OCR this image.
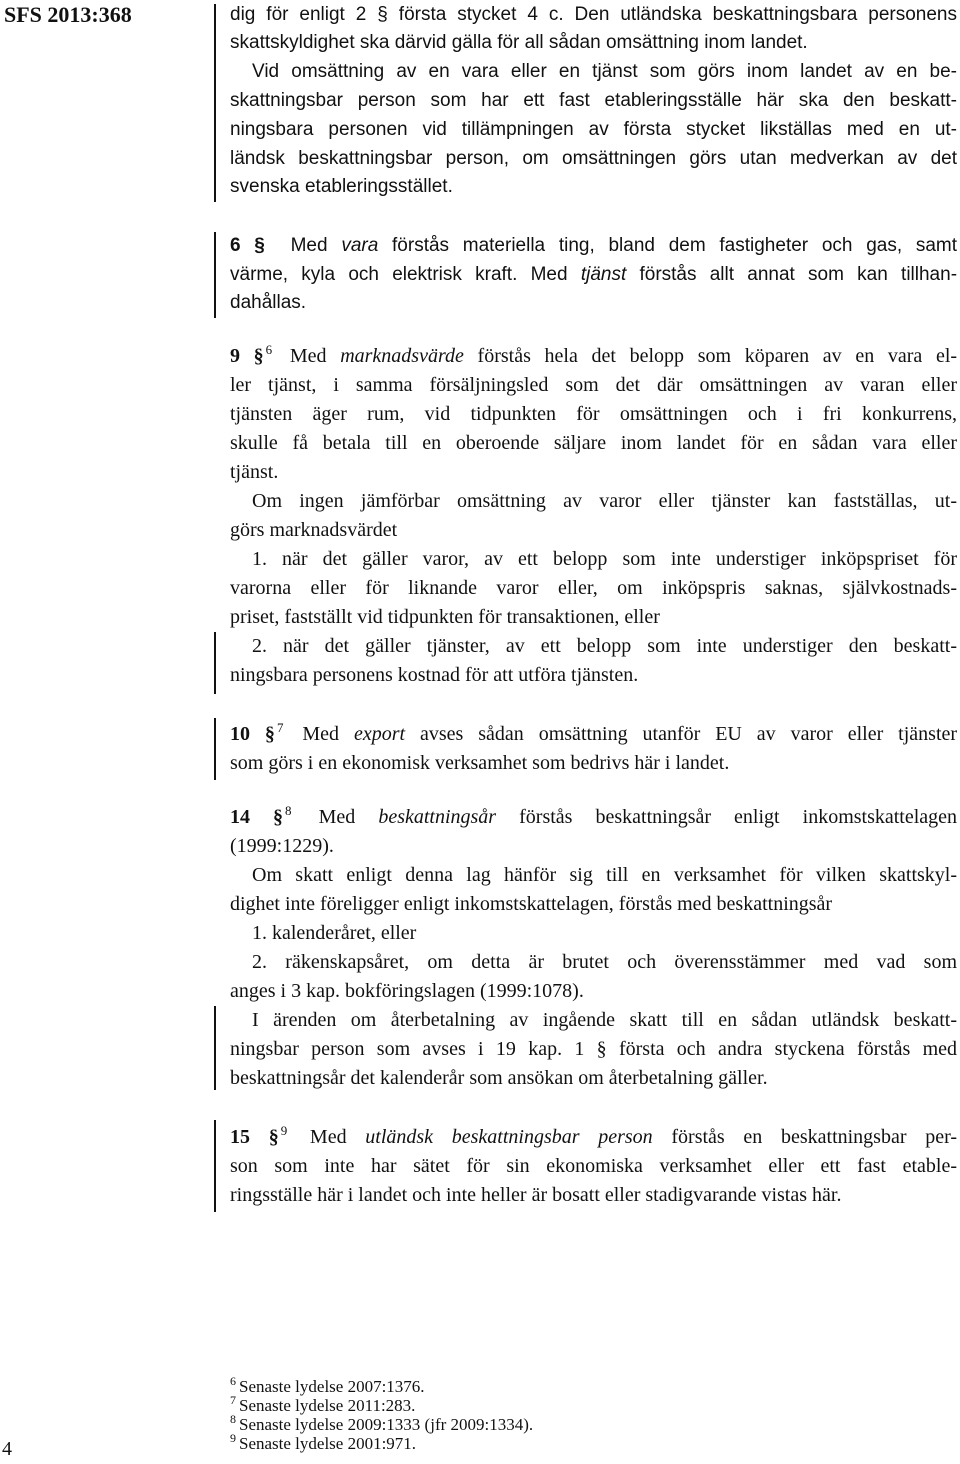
SFS 2013:368
4
dig för enligt 2 § första stycket 4 c. Den utländska beskattningsbara personens
skattskyldighet ska därvid gälla för all sådan omsättning inom landet.
Vid omsättning av en vara eller en tjänst som görs inom landet av en be-
skattningsbar person som har ett fast etableringsställe här ska den beskatt-
ningsbara personen vid tillämpningen av första stycket likställas med en ut-
ländsk beskattningsbar person, om omsättningen görs utan medverkan av det
svenska etableringsstället.
6 § Med vara förstås materiella ting, bland dem fastigheter och gas, samt
värme, kyla och elektrisk kraft. Med tjänst förstås allt annat som kan tillhan-
dahållas.
9 § $^6$ Med marknadsvärde förstås hela det belopp som köparen av en vara el-
ler tjänst, i samma försäljningsled som det där omsättningen av varan eller
tjänsten äger rum, vid tidpunkten för omsättningen och i fri konkurrens,
skulle få betala till en oberoende säljare inom landet för en sådan vara eller
tjänst.
Om ingen jämförbar omsättning av varor eller tjänster kan fastställas, ut-
görs marknadsvärdet
1. när det gäller varor, av ett belopp som inte understiger inköpspriset för
varorna eller för liknande varor eller, om inköpspris saknas, självkostnads-
priset, fastställt vid tidpunkten för transaktionen, eller
2. när det gäller tjänster, av ett belopp som inte understiger den beskatt-
ningsbara personens kostnad för att utföra tjänsten.
10 § $^7$ Med export avses sådan omsättning utanför EU av varor eller tjänster
som görs i en ekonomisk verksamhet som bedrivs här i landet.
14 § $^8$ Med beskattningsår förstås beskattningsår enligt inkomstskattelagen
(1999:1229).
Om skatt enligt denna lag hänför sig till en verksamhet för vilken skattskyl-
dighet inte föreligger enligt inkomstskattelagen, förstås med beskattningsår
1. kalenderåret, eller
2. räkenskapsåret, om detta är brutet och överensstämmer med vad som
anges i 3 kap. bokföringslagen (1999:1078).
I ärenden om återbetalning av ingående skatt till en sådan utländsk beskatt-
ningsbar person som avses i 19 kap. 1 § första och andra styckena förstås med
beskattningsår det kalenderår som ansökan om återbetalning gäller.
15 § $^9$ Med utländsk beskattningsbar person förstås en beskattningsbar per-
son som inte har sätet för sin ekonomiska verksamhet eller ett fast etable-
ringsställe här i landet och inte heller är bosatt eller stadigvarande vistas här.
$^6$ Senaste lydelse 2007:1376.
$^7$ Senaste lydelse 2011:283.
$^8$ Senaste lydelse 2009:1333 (jfr 2009:1334).
$^9$ Senaste lydelse 2001:971.
